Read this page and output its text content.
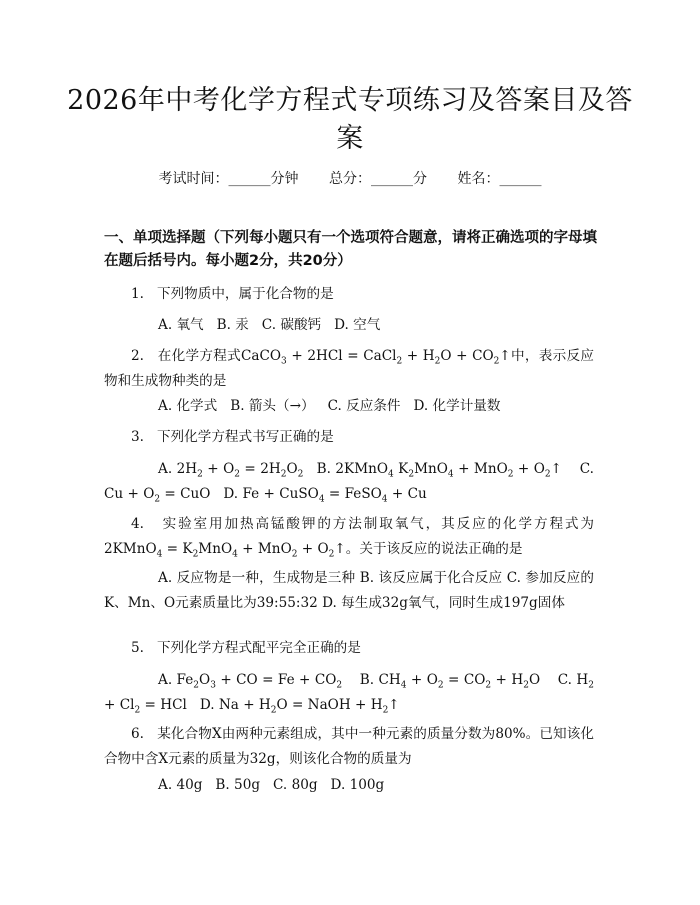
2026年中考化学方程式专项练习及答案目及答案
考试时间：______分钟 总分：______分 姓名：______
一、单项选择题（下列每小题只有一个选项符合题意，请将正确选项的字母填在题后括号内。每小题2分，共20分）
1. 下列物质中，属于化合物的是
A. 氧气   B. 汞   C. 碳酸钙   D. 空气
2. 在化学方程式CaCO$_3$ + 2HCl = CaCl$_2$ + $H_2O$ + $CO_2↑$中，表示反应物和生成物种类的是
A. 化学式   B. 箭头（→）   C. 反应条件   D. 化学计量数
3. 下列化学方程式书写正确的是
A. $2H_2 + O_2 = 2H_2O_2$ B. 2KMnO$_4$ $K_2MnO_4 + MnO_2$ + $O_2↑$ C. $Cu + O_2$ = CuO D. Fe + CuSO$_4$ = FeSO$_4$ + Cu
4. 实验室用加热高锰酸钾的方法制取氧气，其反应的化学方程式为2KMnO$_4$ = $K_2MnO_4 + MnO_2$ + $O_2↑$。关于该反应的说法正确的是
A. 反应物是一种，生成物是三种 B. 该反应属于化合反应 C. 参加反应的K、Mn、O元素质量比为39:55:32 D. 每生成32g氧气，同时生成197g固体
5. 下列化学方程式配平完全正确的是
A. $Fe_2O_3$ + CO = $Fe + CO_2$ B. $CH_4 + O_2 = CO_2 + H_2O$ C. $H_2 + Cl_2$ = HCl D. $Na + H_2O$ = NaOH + $H_2↑$
6. 某化合物X由两种元素组成，其中一种元素的质量分数为80%。已知该化合物中含X元素的质量为32g，则该化合物的质量为
A. 40g   B. 50g   C. 80g   D. 100g
